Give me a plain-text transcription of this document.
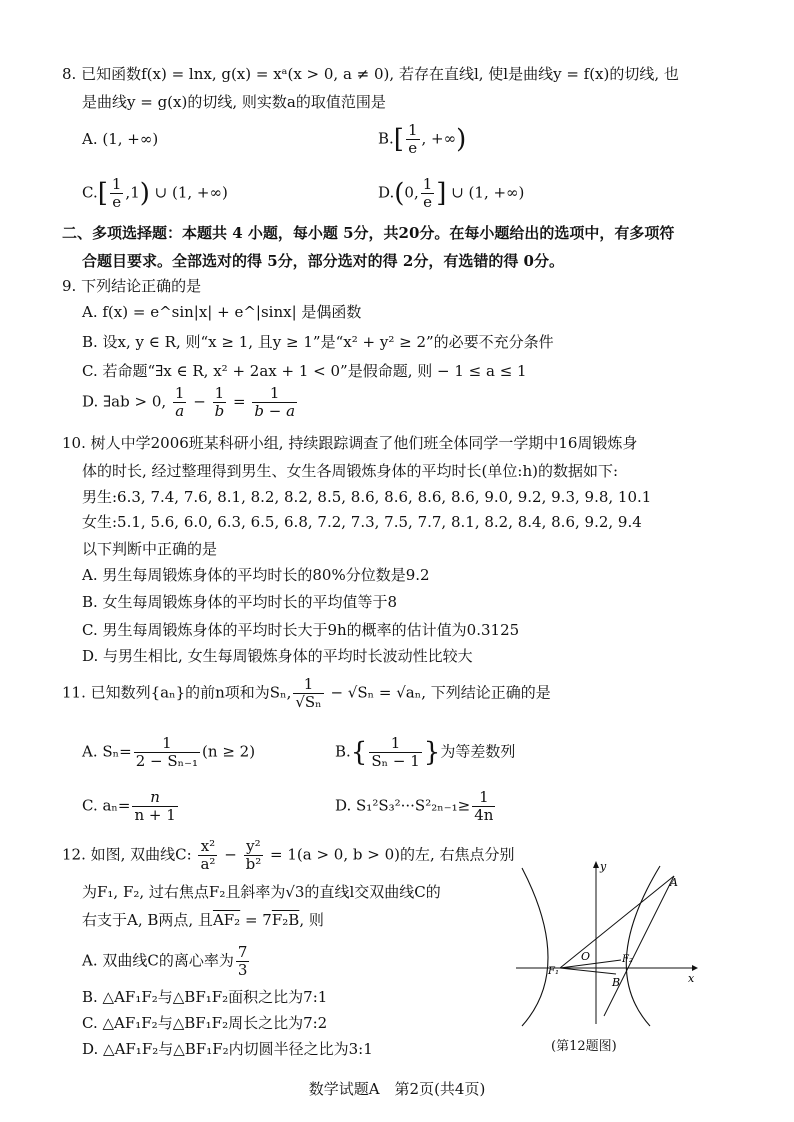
8. 已知函数f(x) = lnx, g(x) = xᵃ(x > 0, a ≠ 0), 若存在直线l, 使l是曲线y = f(x)的切线, 也
是曲线y = g(x)的切线, 则实数a的取值范围是
A. (1, +∞)	$B.[ \frac{1}{e}$ , +∞)
$C.[ \frac{1}{e} ,1)$ ∪ (1, +∞)	D.(0, $\frac{1}{e}$ ] ∪ (1, +∞)
二、多项选择题：本题共 4 小题，每小题 5分，共20分。在每小题给出的选项中，有多项符
合题目要求。全部选对的得 5分，部分选对的得 2分，有选错的得 0分。
9. 下列结论正确的是
A. f(x) = e^sin|x| + e^|sinx| 是偶函数
B. 设x, y ∈ R, 则“x ≥ 1, 且y ≥ 1”是“x² + y² ≥ 2”的必要不充分条件
C. 若命题“∃x ∈ R, x² + 2ax + 1 < 0”是假命题, 则 − 1 ≤ a ≤ 1
D. ∃ab > 0, $\frac{1}{a} - \frac{1}{b} = \frac{1}{b - a}$
10. 树人中学2006班某科研小组, 持续跟踪调查了他们班全体同学一学期中16周锻炼身
体的时长, 经过整理得到男生、女生各周锻炼身体的平均时长(单位:h)的数据如下:
男生:6.3, 7.4, 7.6, 8.1, 8.2, 8.2, 8.5, 8.6, 8.6, 8.6, 8.6, 9.0, 9.2, 9.3, 9.8, 10.1
女生:5.1, 5.6, 6.0, 6.3, 6.5, 6.8, 7.2, 7.3, 7.5, 7.7, 8.1, 8.2, 8.4, 8.6, 9.2, 9.4
以下判断中正确的是
A. 男生每周锻炼身体的平均时长的80%分位数是9.2
B. 女生每周锻炼身体的平均时长的平均值等于8
C. 男生每周锻炼身体的平均时长大于9h的概率的估计值为0.3125
D. 与男生相比, 女生每周锻炼身体的平均时长波动性比较大
11. 已知数列{aₙ}的前n项和为Sₙ, $\frac{1}{\text{√Sₙ}} - √S_n = √a_n$, 下列结论正确的是
A. $S_n= \frac{1}{\text{2 − Sₙ₋₁}} (n \ge 2)$	$B.\{ \frac{1}{\text{Sₙ − 1}}$ }为等差数列
C. $a_n= \frac{n}{n + 1}$	D. $S_1^2S_3^2\cdot\cdot\cdot S^2_{2n-1}\ge \frac{1}{4n}$
12. 如图, 双曲线C: $\frac{\text{x²}}{\text{a²}} - \frac{\text{y²}}{\text{b²}} = 1(a > 0$, b > 0)的左, 右焦点分别
为F₁, F₂, 过右焦点F₂且斜率为√3的直线l交双曲线C的
右支于A, B两点, 且AF₂ = 7F₂B, 则
A. 双曲线C的离心率为 $\frac{7}{3}$
B. △AF₁F₂与△BF₁F₂面积之比为7:1
C. △AF₁F₂与△BF₁F₂周长之比为7:2
D. △AF₁F₂与△BF₁F₂内切圆半径之比为3:1
y
x
O
A
B
F₁
F₂
(第12题图)
数学试题A　第2页(共4页)
